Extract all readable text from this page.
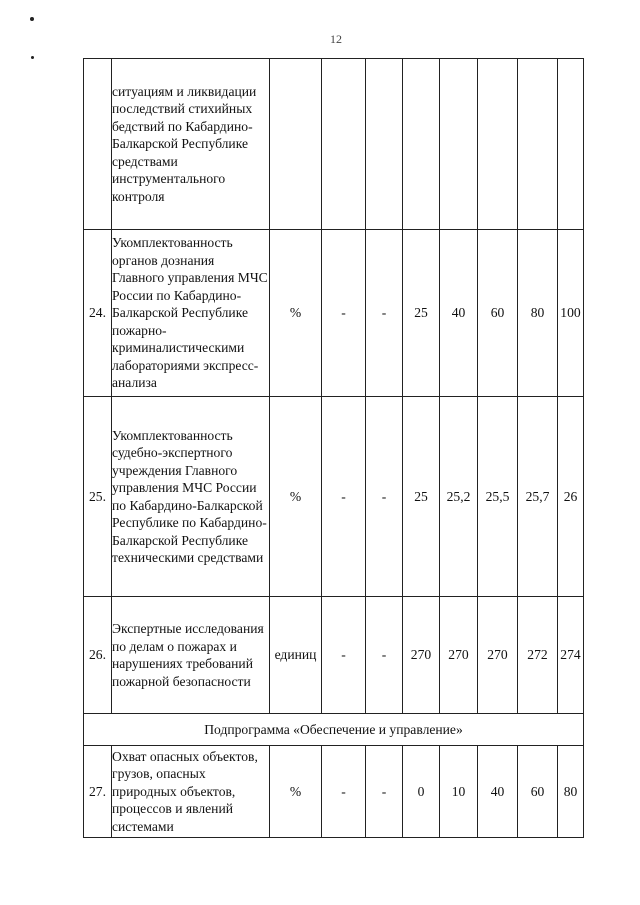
12
	ситуациям и ликвидации последствий стихийных бедствий по Кабардино-Балкарской Республике средствами инструментального контроля								
24.	Укомплектованность органов дознания Главного управления МЧС России по Кабардино-Балкарской Республике пожарно-криминалистическими лабораториями экспресс-анализа	%	-	-	25	40	60	80	100
25.	Укомплектованность судебно-экспертного учреждения Главного управления МЧС России по Кабардино-Балкарской Республике по Кабардино-Балкарской Республике техническими средствами	%	-	-	25	25,2	25,5	25,7	26
26.	Экспертные исследования по делам о пожарах и нарушениях требований пожарной безопасности	единиц	-	-	270	270	270	272	274
Подпрограмма «Обеспечение и управление»									
27.	Охват опасных объектов, грузов, опасных природных объектов, процессов и явлений системами	%	-	-	0	10	40	60	80
